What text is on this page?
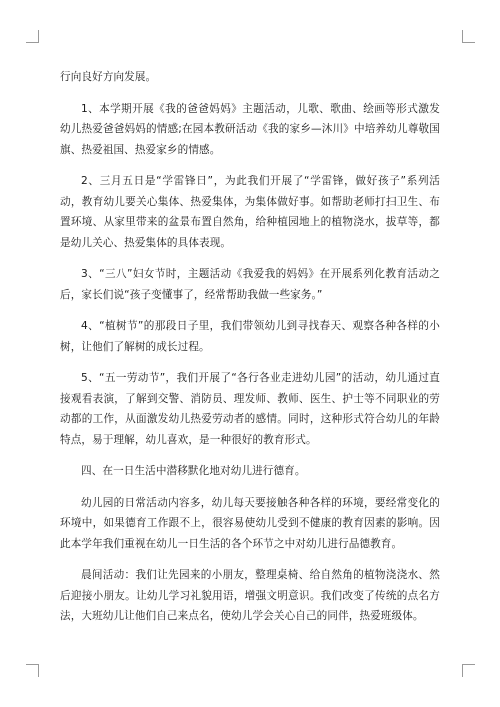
行向良好方向发展。

1、本学期开展《我的爸爸妈妈》主题活动，儿歌、歌曲、绘画等形式激发幼儿热爱爸爸妈妈的情感;在园本教研活动《我的家乡—沐川》中培养幼儿尊敬国旗、热爱祖国、热爱家乡的情感。

2、三月五日是“学雷锋日”，为此我们开展了“学雷锋，做好孩子”系列活动，教育幼儿要关心集体、热爱集体，为集体做好事。如帮助老师打扫卫生、布置环境、从家里带来的盆景布置自然角，给种植园地上的植物浇水，拔草等，都是幼儿关心、热爱集体的具体表现。

3、“三八”妇女节时，主题活动《我爱我的妈妈》在开展系列化教育活动之后，家长们说“孩子变懂事了，经常帮助我做一些家务。”

4、“植树节”的那段日子里，我们带领幼儿到寻找春天、观察各种各样的小树，让他们了解树的成长过程。

5、“五一劳动节”，我们开展了“各行各业走进幼儿园”的活动，幼儿通过直接观看表演，了解到交警、消防员、理发师、教师、医生、护士等不同职业的劳动都的工作，从面激发幼儿热爱劳动者的感情。同时，这种形式符合幼儿的年龄特点，易于理解，幼儿喜欢，是一种很好的教育形式。

四、在一日生活中潜移默化地对幼儿进行德育。

幼儿园的日常活动内容多，幼儿每天要接触各种各样的环境，要经常变化的环境中，如果德育工作跟不上，很容易使幼儿受到不健康的教育因素的影响。因此本学年我们重视在幼儿一日生活的各个环节之中对幼儿进行品德教育。

晨间活动：我们让先园来的小朋友，整理桌椅、给自然角的植物浇浇水、然后迎接小朋友。让幼儿学习礼貌用语，增强文明意识。我们改变了传统的点名方法，大班幼儿让他们自己来点名，使幼儿学会关心自己的同伴，热爱班级体。
